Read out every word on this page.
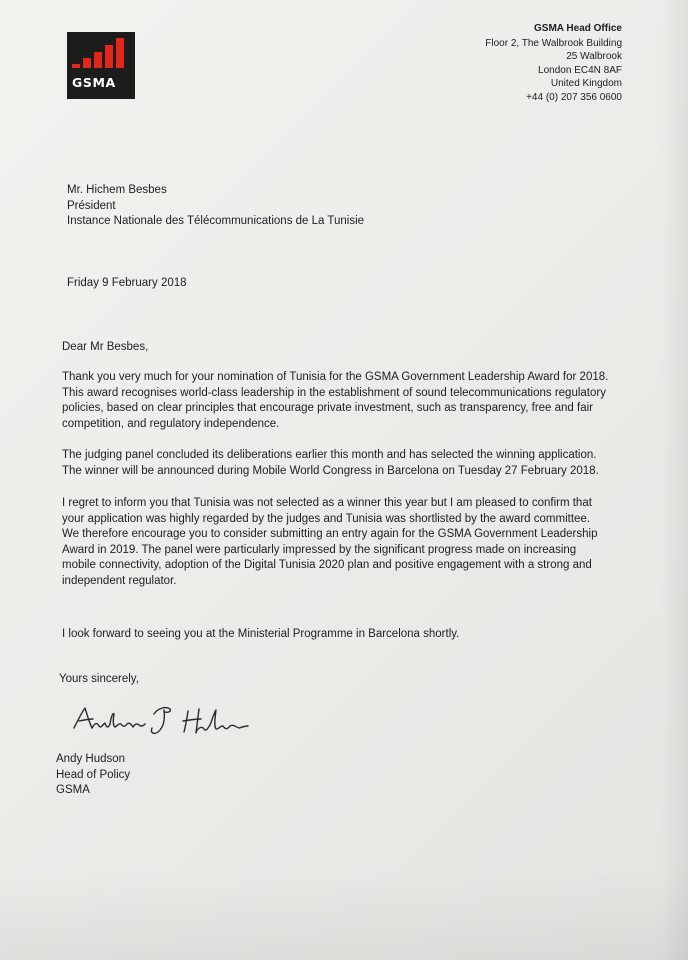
GSMA
GSMA Head Office
Floor 2, The Walbrook Building
25 Walbrook
London EC4N 8AF
United Kingdom
+44 (0) 207 356 0600
Mr. Hichem Besbes
Président
Instance Nationale des Télécommunications de La Tunisie
Friday 9 February 2018
Dear Mr Besbes,
Thank you very much for your nomination of Tunisia for the GSMA Government Leadership Award for 2018.
This award recognises world-class leadership in the establishment of sound telecommunications regulatory
policies, based on clear principles that encourage private investment, such as transparency, free and fair
competition, and regulatory independence.
The judging panel concluded its deliberations earlier this month and has selected the winning application.
The winner will be announced during Mobile World Congress in Barcelona on Tuesday 27 February 2018.
I regret to inform you that Tunisia was not selected as a winner this year but I am pleased to confirm that
your application was highly regarded by the judges and Tunisia was shortlisted by the award committee.
We therefore encourage you to consider submitting an entry again for the GSMA Government Leadership
Award in 2019. The panel were particularly impressed by the significant progress made on increasing
mobile connectivity, adoption of the Digital Tunisia 2020 plan and positive engagement with a strong and
independent regulator.
I look forward to seeing you at the Ministerial Programme in Barcelona shortly.
Yours sincerely,
Andy Hudson
Head of Policy
GSMA
